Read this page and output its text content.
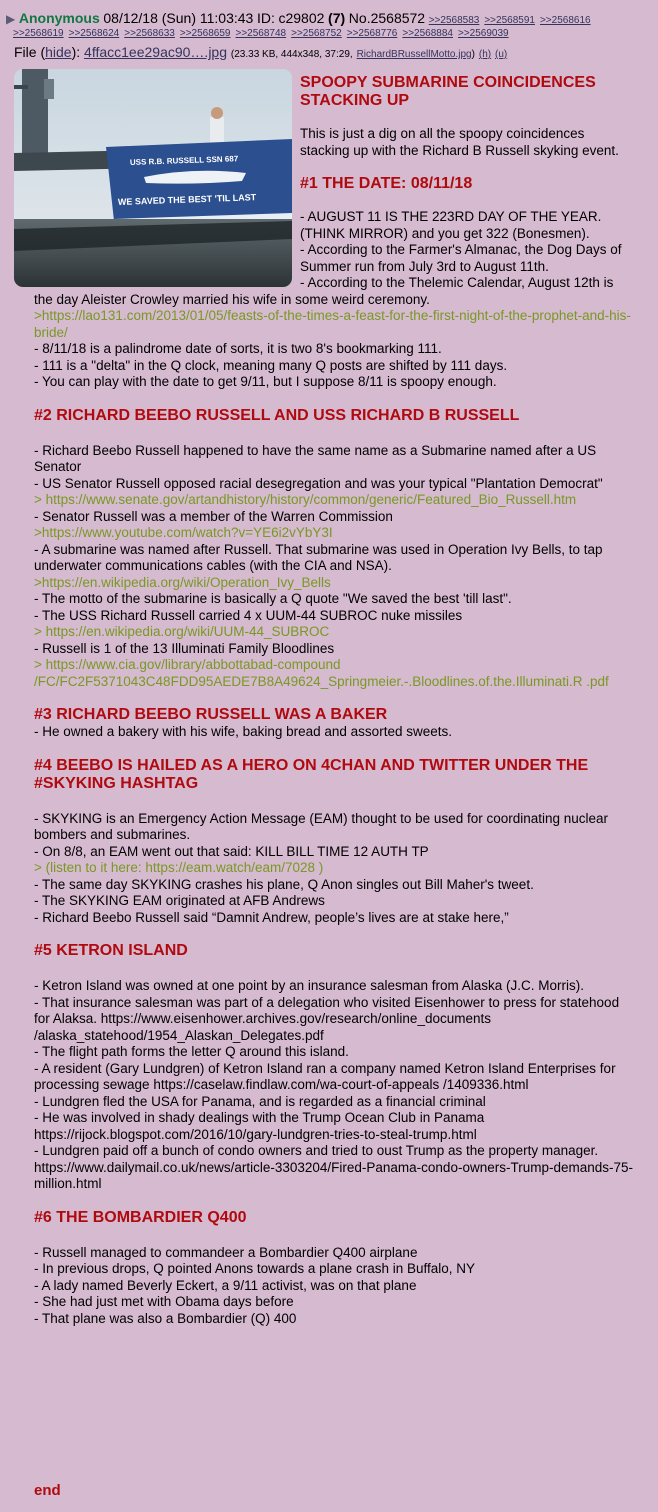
▶ Anonymous 08/12/18 (Sun) 11:03:43 ID: c29802 (7) No.2568572 >>2568583 >>2568591 >>2568616
>>2568619 >>2568624 >>2568633 >>2568659 >>2568748 >>2568752 >>2568776 >>2568884 >>2569039
File (hide): 4ffacc1ee29ac90….jpg (23.33 KB, 444x348, 37:29, RichardBRussellMotto.jpg) (h) (u)
USS R.B. RUSSELL SSN 687
WE SAVED THE BEST 'TIL LAST

SPOOPY SUBMARINE COINCIDENCES STACKING UP

This is just a dig on all the spoopy coincidences stacking up with the Richard B Russell skyking event.

#1 THE DATE: 08/11/18

- AUGUST 11 IS THE 223RD DAY OF THE YEAR. (THINK MIRROR) and you get 322 (Bonesmen).

- According to the Farmer's Almanac, the Dog Days of Summer run from July 3rd to August 11th.

- According to the Thelemic Calendar, August 12th is the day Aleister Crowley married his wife in some weird ceremony.

>https://lao131.com/2013/01/05/feasts-of-the-times-a-feast-for-the-first-night-of-the-prophet-and-his-bride/

- 8/11/18 is a palindrome date of sorts, it is two 8's bookmarking 111.

- 111 is a "delta" in the Q clock, meaning many Q posts are shifted by 111 days.

- You can play with the date to get 9/11, but I suppose 8/11 is spoopy enough.

#2 RICHARD BEEBO RUSSELL AND USS RICHARD B RUSSELL

- Richard Beebo Russell happened to have the same name as a Submarine named after a US Senator

- US Senator Russell opposed racial desegregation and was your typical "Plantation Democrat"

> https://www.senate.gov/artandhistory/history/common/generic/Featured_Bio_Russell.htm

- Senator Russell was a member of the Warren Commission

>https://www.youtube.com/watch?v=YE6i2vYbY3I

- A submarine was named after Russell. That submarine was used in Operation Ivy Bells, to tap underwater communications cables (with the CIA and NSA).

>https://en.wikipedia.org/wiki/Operation_Ivy_Bells

- The motto of the submarine is basically a Q quote "We saved the best 'till last".

- The USS Richard Russell carried 4 x UUM-44 SUBROC nuke missiles

> https://en.wikipedia.org/wiki/UUM-44_SUBROC

- Russell is 1 of the 13 Illuminati Family Bloodlines

> https://www.cia.gov/library/abbottabad-compound /FC/FC2F5371043C48FDD95AEDE7B8A49624_Springmeier.-.Bloodlines.of.the.Illuminati.R .pdf

#3 RICHARD BEEBO RUSSELL WAS A BAKER

- He owned a bakery with his wife, baking bread and assorted sweets.

#4 BEEBO IS HAILED AS A HERO ON 4CHAN AND TWITTER UNDER THE #SKYKING HASHTAG

- SKYKING is an Emergency Action Message (EAM) thought to be used for coordinating nuclear bombers and submarines.

- On 8/8, an EAM went out that said: KILL BILL TIME 12 AUTH TP

> (listen to it here: https://eam.watch/eam/7028 )

- The same day SKYKING crashes his plane, Q Anon singles out Bill Maher's tweet.

- The SKYKING EAM originated at AFB Andrews

- Richard Beebo Russell said “Damnit Andrew, people’s lives are at stake here,”

#5 KETRON ISLAND

- Ketron Island was owned at one point by an insurance salesman from Alaska (J.C. Morris).

- That insurance salesman was part of a delegation who visited Eisenhower to press for statehood for Alaksa. https://www.eisenhower.archives.gov/research/online_documents /alaska_statehood/1954_Alaskan_Delegates.pdf

- The flight path forms the letter Q around this island.

- A resident (Gary Lundgren) of Ketron Island ran a company named Ketron Island Enterprises for processing sewage https://caselaw.findlaw.com/wa-court-of-appeals /1409336.html

- Lundgren fled the USA for Panama, and is regarded as a financial criminal

- He was involved in shady dealings with the Trump Ocean Club in Panama https://rijock.blogspot.com/2016/10/gary-lundgren-tries-to-steal-trump.html

- Lundgren paid off a bunch of condo owners and tried to oust Trump as the property manager. https://www.dailymail.co.uk/news/article-3303204/Fired-Panama-condo-owners-Trump-demands-75-million.html

#6 THE BOMBARDIER Q400

- Russell managed to commandeer a Bombardier Q400 airplane

- In previous drops, Q pointed Anons towards a plane crash in Buffalo, NY

- A lady named Beverly Eckert, a 9/11 activist, was on that plane

- She had just met with Obama days before

- That plane was also a Bombardier (Q) 400

end
